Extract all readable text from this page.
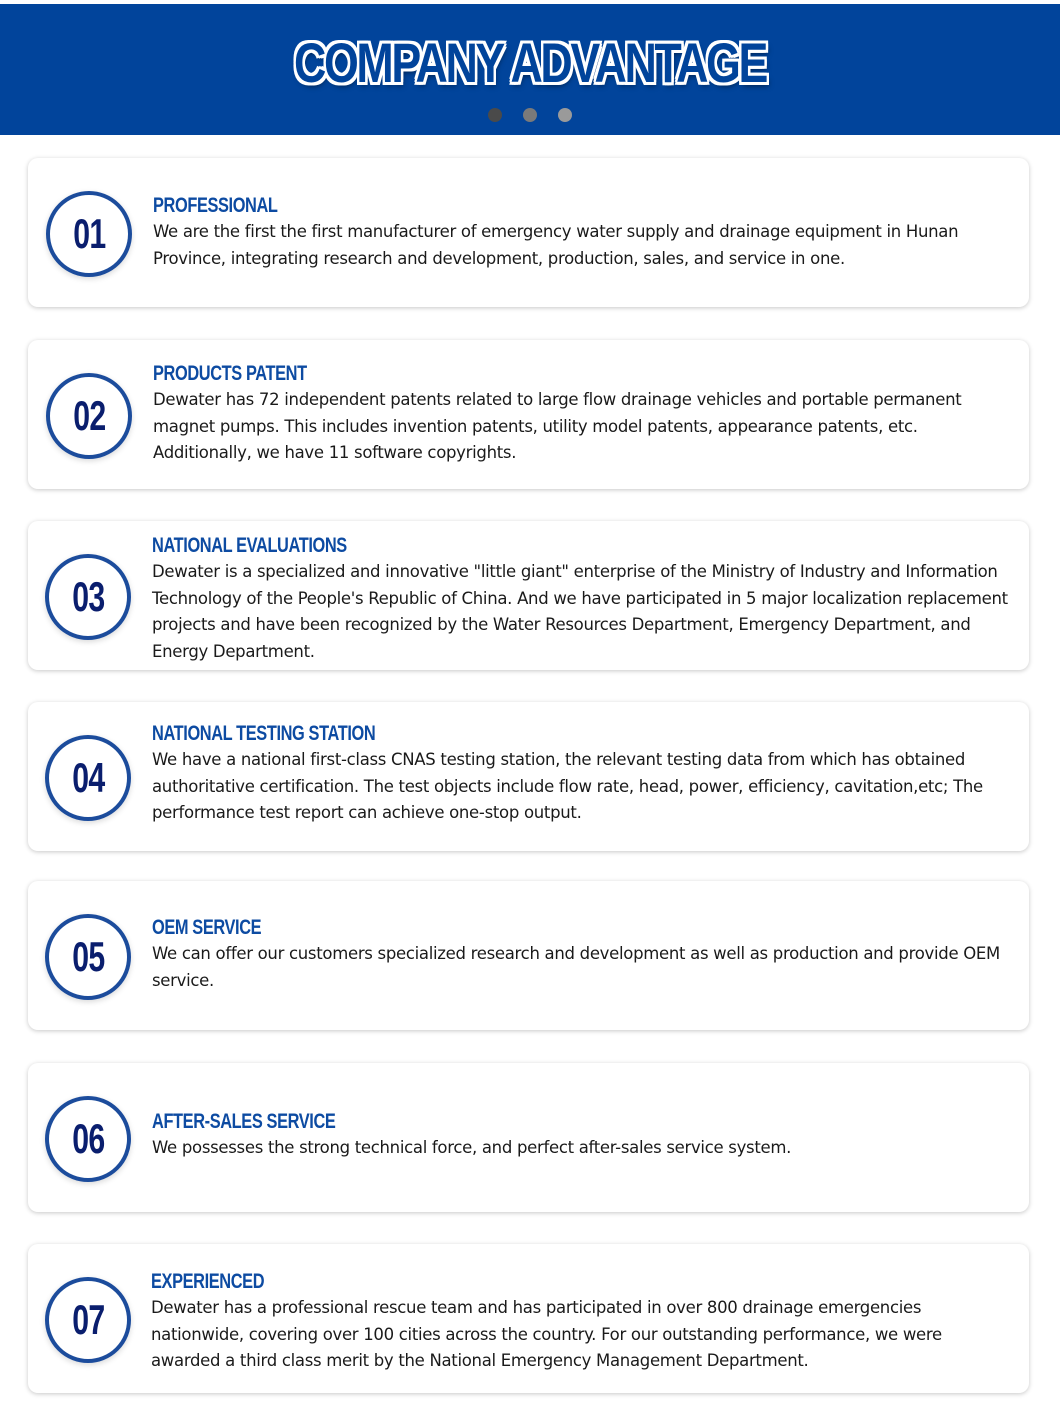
COMPANY ADVANTAGE
01
PROFESSIONAL
We are the first the first manufacturer of emergency water supply and drainage equipment in Hunan Province, integrating research and development, production, sales, and service in one.
02
PRODUCTS PATENT
Dewater has 72 independent patents related to large flow drainage vehicles and portable permanent magnet pumps. This includes invention patents, utility model patents, appearance patents, etc. Additionally, we have 11 software copyrights.
03
NATIONAL EVALUATIONS
Dewater is a specialized and innovative "little giant" enterprise of the Ministry of Industry and Information Technology of the People's Republic of China. And we have participated in 5 major localization replacement projects and have been recognized by the Water Resources Department, Emergency Department, and Energy Department.
04
NATIONAL TESTING STATION
We have a national first-class CNAS testing station, the relevant testing data from which has obtained authoritative certification. The test objects include flow rate, head, power, efficiency, cavitation,etc; The performance test report can achieve one-stop output.
05
OEM SERVICE
We can offer our customers specialized research and development as well as production and provide OEM service.
06 AFTER-SALES SERVICE
We possesses the strong technical force, and perfect after-sales service system.
07
EXPERIENCED
Dewater has a professional rescue team and has participated in over 800 drainage emergencies nationwide, covering over 100 cities across the country. For our outstanding performance, we were awarded a third class merit by the National Emergency Management Department.
